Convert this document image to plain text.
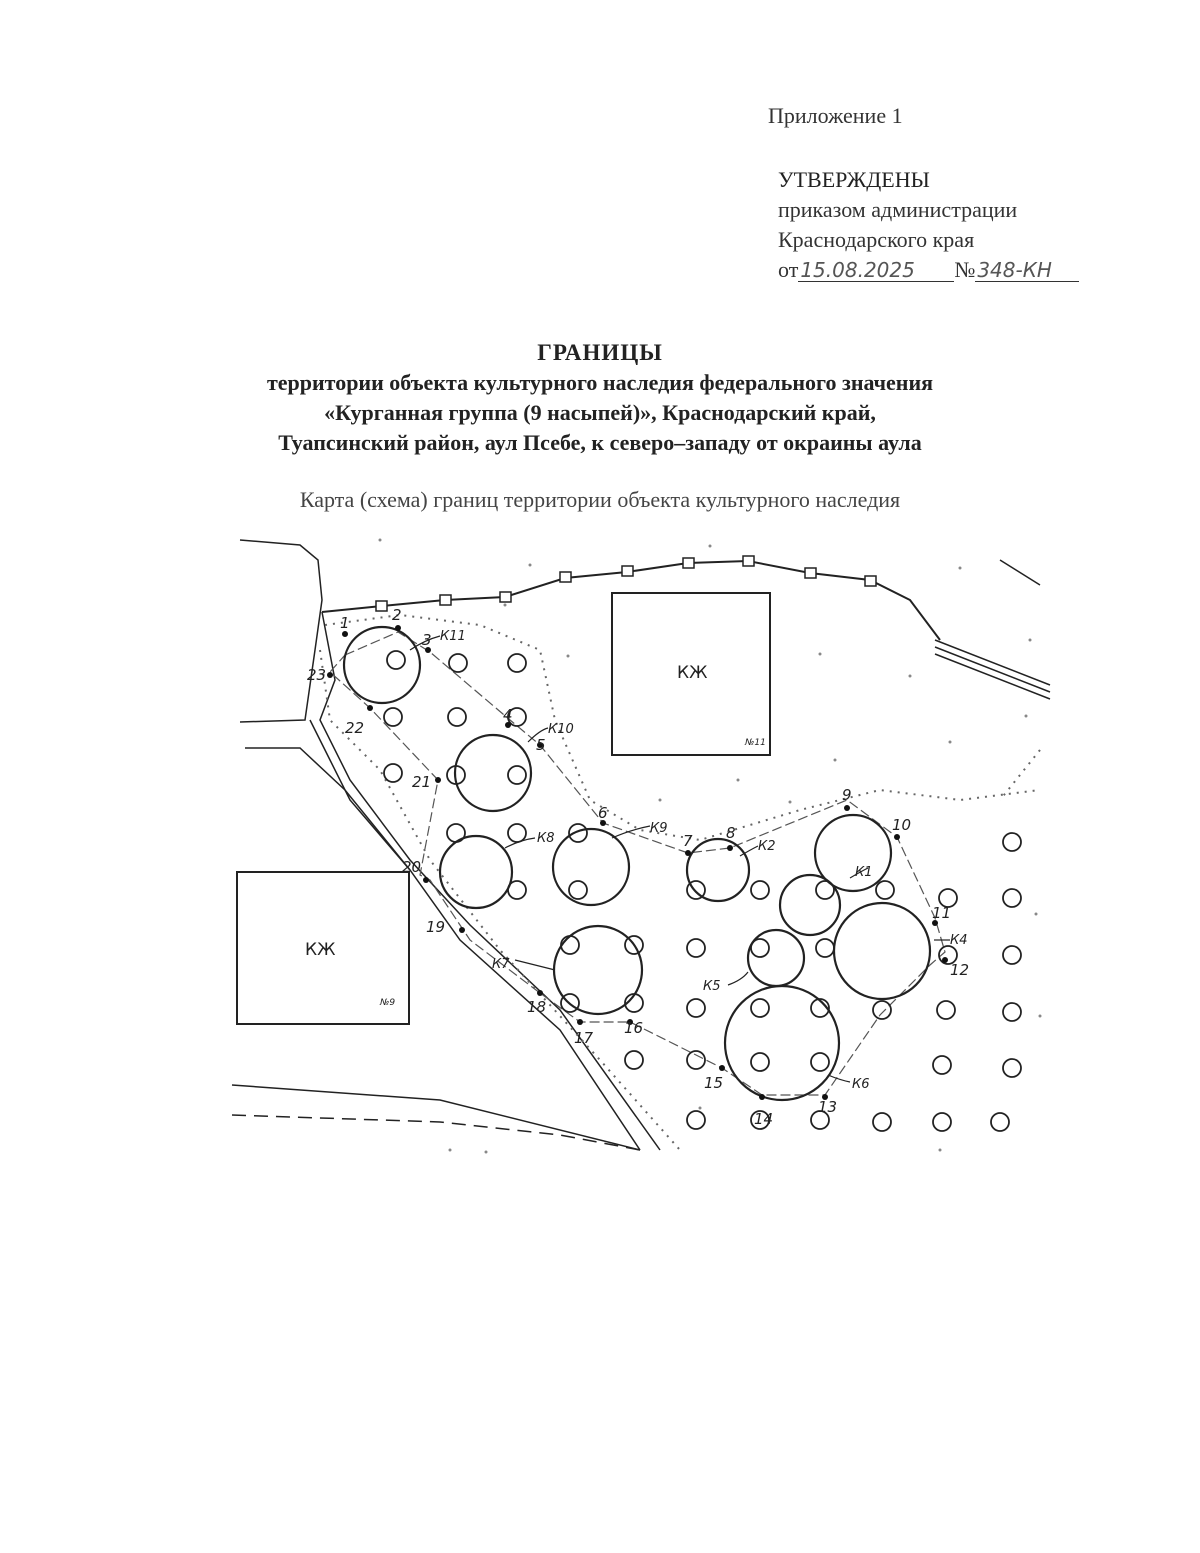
Приложение 1
УТВЕРЖДЕНЫ
приказом администрации
Краснодарского края
от 15.08.2025 № 348-КН
ГРАНИЦЫ
территории объекта культурного наследия федерального значения
«Курганная группа (9 насыпей)», Краснодарский край,
Туапсинский район, аул Псебе, к северо–западу от окраины аула
Карта (схема) границ территории объекта культурного наследия
КЖ
№11
КЖ
№9
1	2
3
4
5
6
7 8
9
10
11
12
13
14
15
16
17
18
19
20
21
22
23
К11
К10
К8
К9
К2
К1
К4
К5
К7
К6
